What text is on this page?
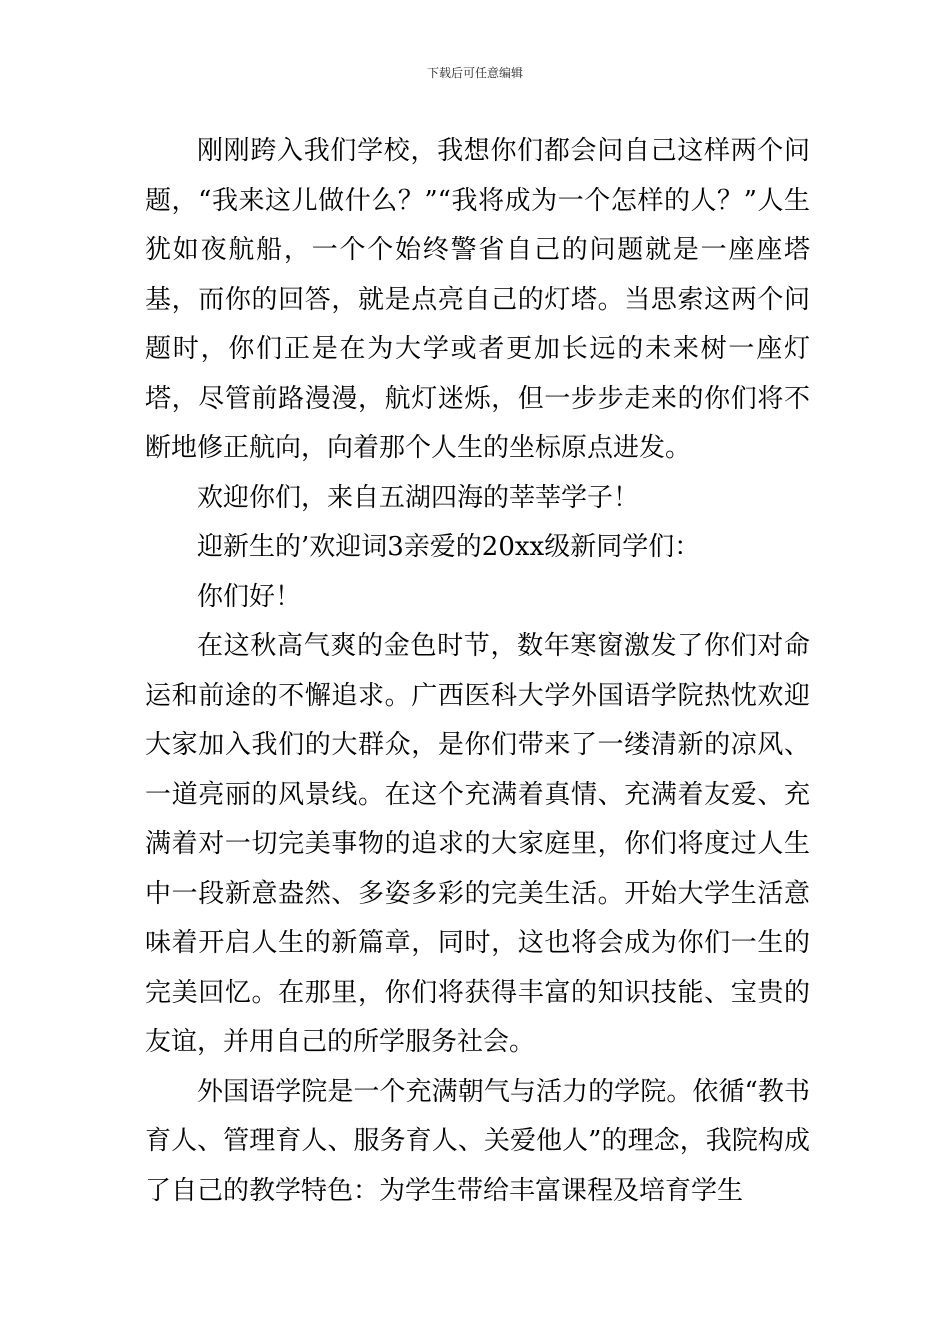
下载后可任意编辑

刚刚跨入我们学校，我想你们都会问自己这样两个问题，“我来这儿做什么？”“我将成为一个怎样的人？”人生犹如夜航船，一个个始终警省自己的问题就是一座座塔基，而你的回答，就是点亮自己的灯塔。当思索这两个问题时，你们正是在为大学或者更加长远的未来树一座灯塔，尽管前路漫漫，航灯迷烁，但一步步走来的你们将不断地修正航向，向着那个人生的坐标原点进发。

欢迎你们，来自五湖四海的莘莘学子！

迎新生的’欢迎词3亲爱的20xx级新同学们：

你们好！

在这秋高气爽的金色时节，数年寒窗激发了你们对命运和前途的不懈追求。广西医科大学外国语学院热忱欢迎大家加入我们的大群众，是你们带来了一缕清新的凉风、一道亮丽的风景线。在这个充满着真情、充满着友爱、充满着对一切完美事物的追求的大家庭里，你们将度过人生中一段新意盎然、多姿多彩的完美生活。开始大学生活意味着开启人生的新篇章，同时，这也将会成为你们一生的完美回忆。在那里，你们将获得丰富的知识技能、宝贵的友谊，并用自己的所学服务社会。

外国语学院是一个充满朝气与活力的学院。依循“教书育人、管理育人、服务育人、关爱他人”的理念，我院构成了自己的教学特色：为学生带给丰富课程及培育学生
